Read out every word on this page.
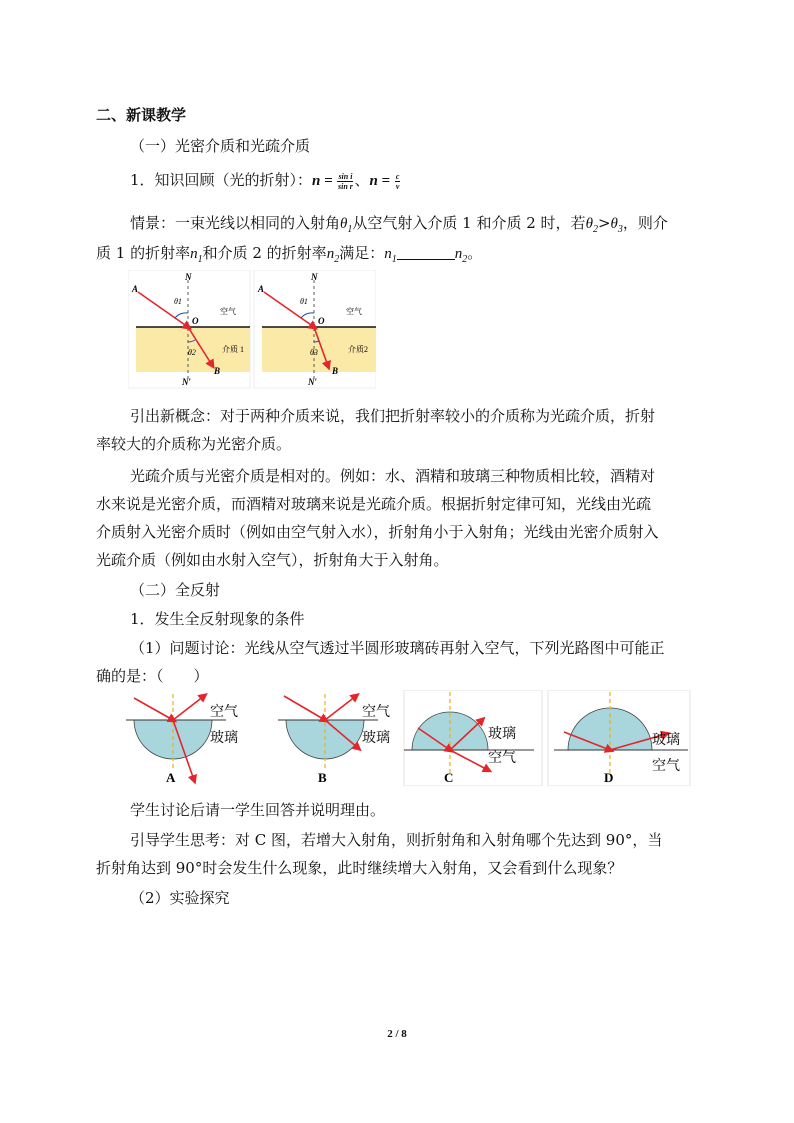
二、新课教学
（一）光密介质和光疏介质
1．知识回顾（光的折射）：$n = \frac{\text{sin i}}{\text{sin r}}$ 、$n = \frac{c}{v}$
情景：一束光线以相同的入射角$\theta_1$从空气射入介质 1 和介质 2 时，若$\theta_2>\theta_3$，则介
质 1 的折射率$n_1$和介质 2 的折射率$n_2$满足：$n_1$	$n_2$。
A
N
θ1
O
空气
介质 1
θ2
B
N′
A
N
θ1
O
空气
介质2
θ3
B
N′
引出新概念：对于两种介质来说，我们把折射率较小的介质称为光疏介质，折射
率较大的介质称为光密介质。
光疏介质与光密介质是相对的。例如：水、酒精和玻璃三种物质相比较，酒精对
水来说是光密介质，而酒精对玻璃来说是光疏介质。根据折射定律可知，光线由光疏
介质射入光密介质时（例如由空气射入水），折射角小于入射角；光线由光密介质射入
光疏介质（例如由水射入空气），折射角大于入射角。
（二）全反射
1．发生全反射现象的条件
（1）问题讨论：光线从空气透过半圆形玻璃砖再射入空气，下列光路图中可能正
确的是：（　　）
空气
玻璃
A
空气
玻璃
B
玻璃
空气
C
玻璃
空气
D
学生讨论后请一学生回答并说明理由。
引导学生思考：对 C 图，若增大入射角，则折射角和入射角哪个先达到 90°，当
折射角达到 90°时会发生什么现象，此时继续增大入射角，又会看到什么现象？
（2）实验探究
2 / 8
